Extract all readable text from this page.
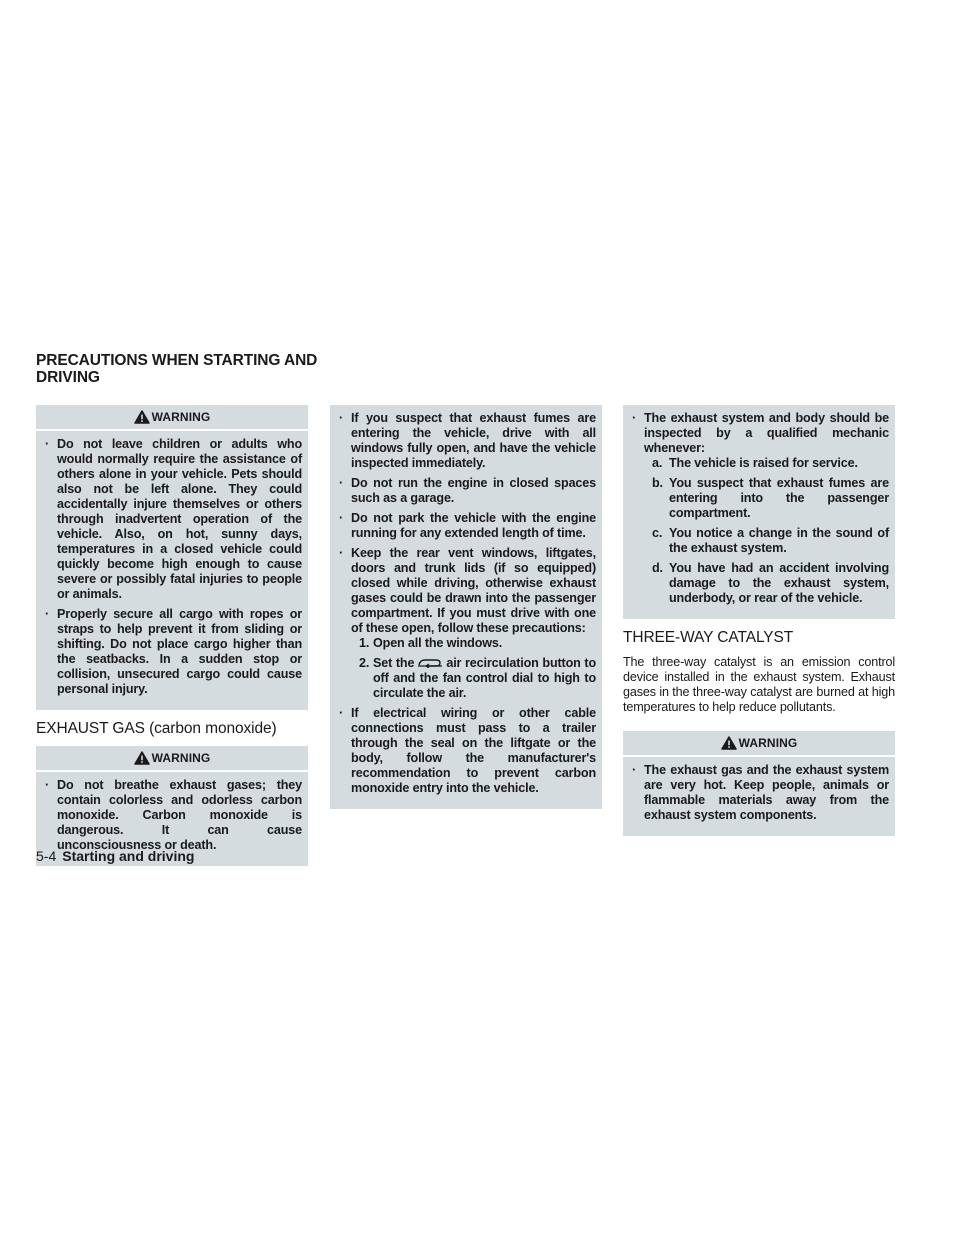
PRECAUTIONS WHEN STARTING AND DRIVING
WARNING
· Do not leave children or adults who would normally require the assistance of others alone in your vehicle. Pets should also not be left alone. They could accidentally injure themselves or others through inadvertent operation of the vehicle. Also, on hot, sunny days, temperatures in a closed vehicle could quickly become high enough to cause severe or possibly fatal injuries to people or animals.
· Properly secure all cargo with ropes or straps to help prevent it from sliding or shifting. Do not place cargo higher than the seatbacks. In a sudden stop or collision, unsecured cargo could cause personal injury.
EXHAUST GAS (carbon monoxide)
WARNING
· Do not breathe exhaust gases; they contain colorless and odorless carbon monoxide. Carbon monoxide is dangerous. It can cause unconsciousness or death.
· If you suspect that exhaust fumes are entering the vehicle, drive with all windows fully open, and have the vehicle inspected immediately.
· Do not run the engine in closed spaces such as a garage.
· Do not park the vehicle with the engine running for any extended length of time.
· Keep the rear vent windows, liftgates, doors and trunk lids (if so equipped) closed while driving, otherwise exhaust gases could be drawn into the passenger compartment. If you must drive with one of these open, follow these precautions:
1. Open all the windows.
2. Set the	air recirculation button to off and the fan control dial to high to circulate the air.
· If electrical wiring or other cable connections must pass to a trailer through the seal on the liftgate or the body, follow the manufacturer's recommendation to prevent carbon monoxide entry into the vehicle.
· The exhaust system and body should be inspected by a qualified mechanic whenever:
a. The vehicle is raised for service.
b. You suspect that exhaust fumes are entering into the passenger compartment.
c. You notice a change in the sound of the exhaust system.
d. You have had an accident involving damage to the exhaust system, underbody, or rear of the vehicle.
THREE-WAY CATALYST

The three-way catalyst is an emission control device installed in the exhaust system. Exhaust gases in the three-way catalyst are burned at high temperatures to help reduce pollutants.

WARNING
· The exhaust gas and the exhaust system are very hot. Keep people, animals or flammable materials away from the exhaust system components.
5-4 Starting and driving
